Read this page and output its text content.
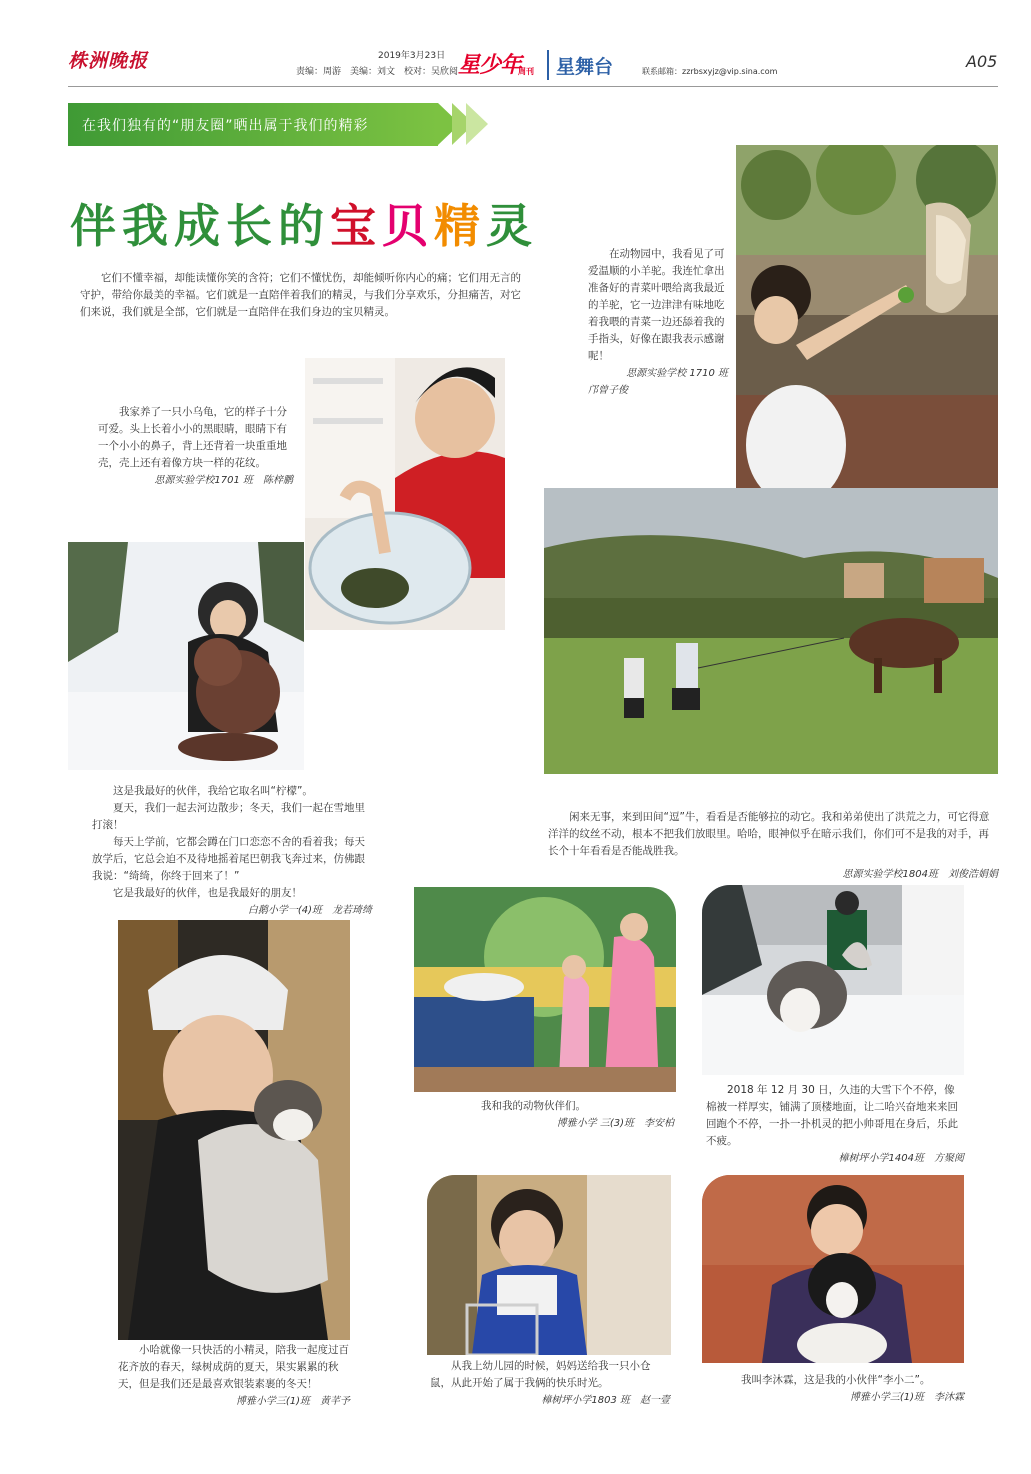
株洲晚报	2019年3月23日
责编：周游　美编：刘文　校对：吴欣阅 星少年
周刊 星舞台	联系邮箱：zzrbsxyjz@vip.sina.com
A05
在我们独有的“朋友圈”晒出属于我们的精彩
伴我成长的宝贝精灵

它们不懂幸福，却能读懂你笑的含符；它们不懂忧伤，却能倾听你内心的痛；它们用无言的守护，带给你最美的幸福。它们就是一直陪伴着我们的精灵，与我们分享欢乐，分担痛苦，对它们来说，我们就是全部，它们就是一直陪伴在我们身边的宝贝精灵。

在动物园中，我看见了可爱温顺的小羊驼。我连忙拿出准备好的青菜叶喂给离我最近的羊驼，它一边津津有味地吃着我喂的青菜一边还舔着我的手指头，好像在跟我表示感谢呢！

思源实验学校 1710 班

邝曾子俊

我家养了一只小乌龟，它的样子十分可爱。头上长着小小的黑眼睛，眼睛下有一个小小的鼻子，背上还背着一块重重地壳，壳上还有着像方块一样的花纹。

思源实验学校1701 班　陈梓鹏

这是我最好的伙伴，我给它取名叫“柠檬”。

夏天，我们一起去河边散步；冬天，我们一起在雪地里打滚！

每天上学前，它都会蹲在门口恋恋不舍的看着我；每天放学后，它总会迫不及待地摇着尾巴朝我飞奔过来，仿佛跟我说：“绮绮，你终于回来了！”

它是我最好的伙伴，也是我最好的朋友！

白鹅小学一(4)班　龙若琦绮

闲来无事，来到田间“逗”牛，看看是否能够拉的动它。我和弟弟使出了洪荒之力，可它得意洋洋的纹丝不动，根本不把我们放眼里。哈哈，眼神似乎在暗示我们，你们可不是我的对手，再长个十年看看是否能战胜我。

思源实验学校1804班　刘俊浩娟娟

小哈就像一只快活的小精灵，陪我一起度过百花齐放的春天，绿树成荫的夏天，果实累累的秋天，但是我们还是最喜欢银装素裹的冬天！

博雅小学三(1)班　黄芊予

我和我的动物伙伴们。

博雅小学 三(3)班　李安柏

2018 年 12 月 30 日，久违的大雪下个不停，像棉被一样厚实，铺满了顶楼地面，让二哈兴奋地来来回回跑个不停，一扑一扑机灵的把小帅哥甩在身后，乐此不疲。

樟树坪小学1404班　方聚阅

从我上幼儿园的时候，妈妈送给我一只小仓鼠，从此开始了属于我俩的快乐时光。

樟树坪小学1803 班　赵一壹

我叫李沐霖，这是我的小伙伴“李小二”。

博雅小学三(1)班　李沐霖
